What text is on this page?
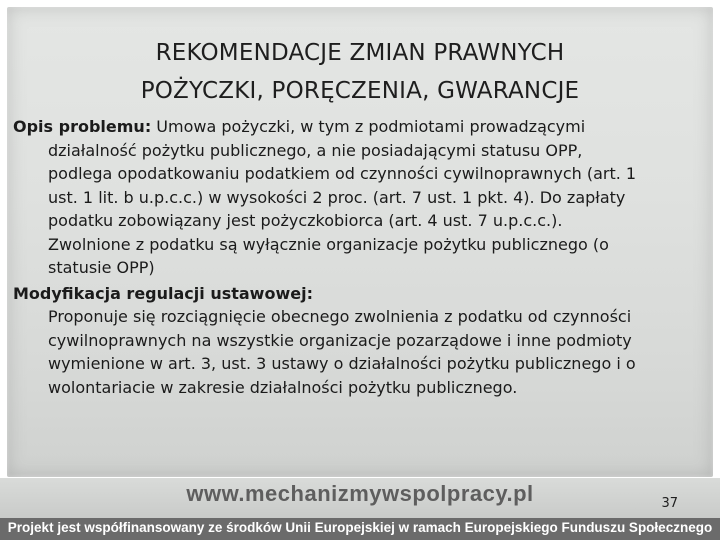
REKOMENDACJE ZMIAN PRAWNYCH
POŻYCZKI, PORĘCZENIA, GWARANCJE

Opis problemu: Umowa pożyczki, w tym z podmiotami prowadzącymi
działalność pożytku publicznego, a nie posiadającymi statusu OPP,
podlega opodatkowaniu podatkiem od czynności cywilnoprawnych (art. 1
ust. 1 lit. b u.p.c.c.) w wysokości 2 proc. (art. 7 ust. 1 pkt. 4). Do zapłaty
podatku zobowiązany jest pożyczkobiorca (art. 4 ust. 7 u.p.c.c.).
Zwolnione z podatku są wyłącznie organizacje pożytku publicznego (o
statusie OPP)

Modyfikacja regulacji ustawowej:

Proponuje się rozciągnięcie obecnego zwolnienia z podatku od czynności
cywilnoprawnych na wszystkie organizacje pozarządowe i inne podmioty
wymienione w art. 3, ust. 3 ustawy o działalności pożytku publicznego i o
wolontariacie w zakresie działalności pożytku publicznego.

www.mechanizmywspolpracy.pl	37
Projekt jest współfinansowany ze środków Unii Europejskiej w ramach Europejskiego Funduszu Społecznego
